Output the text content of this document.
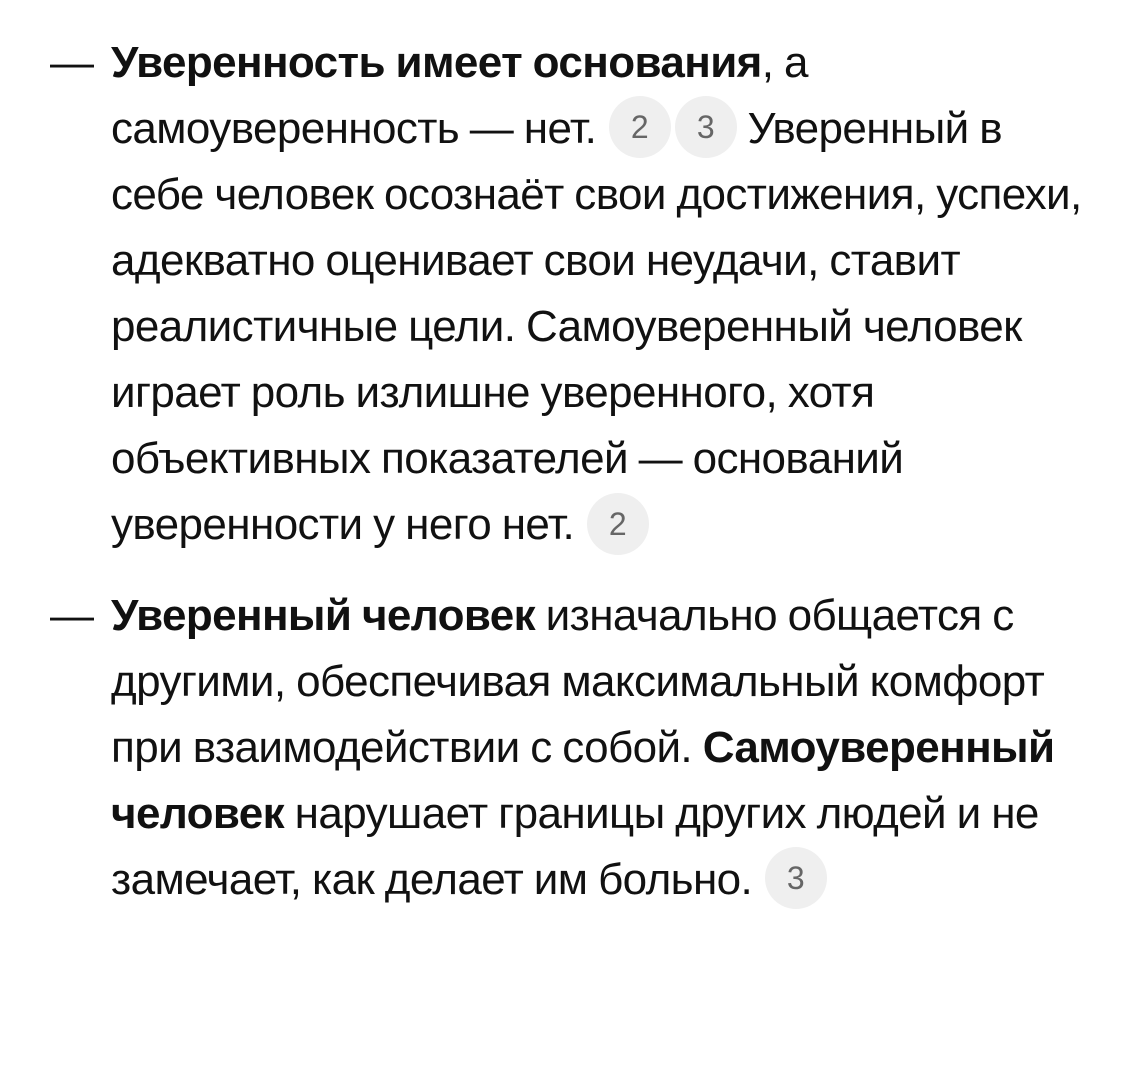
— Уверенность имеет основания, а самоуверенность — нет. 2 3 Уверенный в себе человек осознаёт свои достижения, успехи, адекватно оценивает свои неудачи, ставит реалистичные цели. Самоуверенный человек играет роль излишне уверенного, хотя объективных показателей — оснований уверенности у него нет. 2
— Уверенный человек изначально общается с другими, обеспечивая максимальный комфорт при взаимодействии с собой. Самоуверенный человек нарушает границы других людей и не замечает, как делает им больно. 3
